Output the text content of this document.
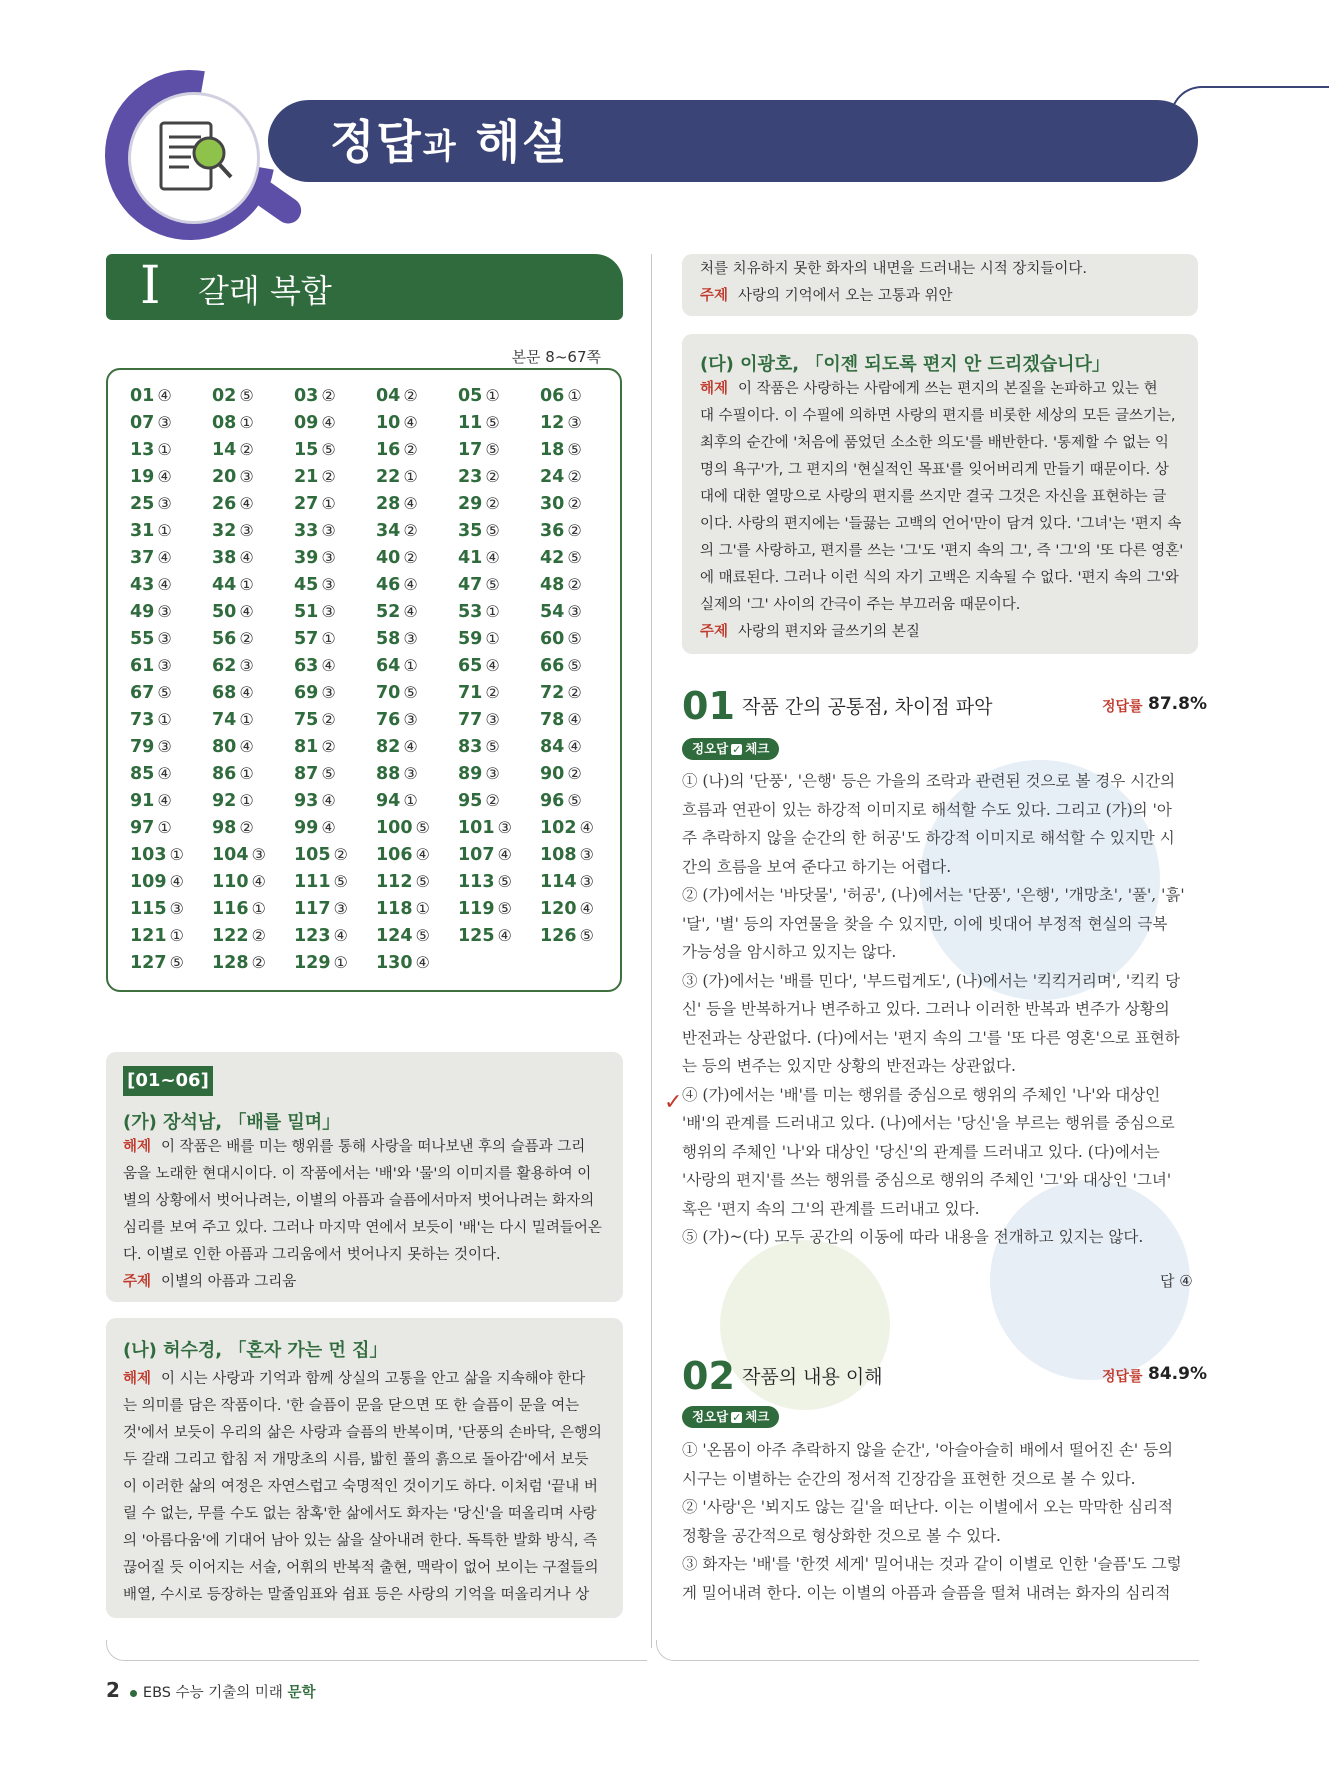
정답과 해설
I 갈래 복합
본문 8~67쪽
01 ④ 02 ⑤ 03 ② 04 ② 05 ① 06 ①
07 ③ 08 ① 09 ④ 10 ④ 11 ⑤ 12 ③
13 ① 14 ② 15 ⑤ 16 ② 17 ⑤ 18 ⑤
19 ④ 20 ③ 21 ② 22 ① 23 ② 24 ②
25 ③ 26 ④ 27 ① 28 ④ 29 ② 30 ②
31 ① 32 ③ 33 ③ 34 ② 35 ⑤ 36 ②
37 ④ 38 ④ 39 ③ 40 ② 41 ④ 42 ⑤
43 ④ 44 ① 45 ③ 46 ④ 47 ⑤ 48 ②
49 ③ 50 ④ 51 ③ 52 ④ 53 ① 54 ③
55 ③ 56 ② 57 ① 58 ③ 59 ① 60 ⑤
61 ③ 62 ③ 63 ④ 64 ① 65 ④ 66 ⑤
67 ⑤ 68 ④ 69 ③ 70 ⑤ 71 ② 72 ②
73 ① 74 ① 75 ② 76 ③ 77 ③ 78 ④
79 ③ 80 ④ 81 ② 82 ④ 83 ⑤ 84 ④
85 ④ 86 ① 87 ⑤ 88 ③ 89 ③ 90 ②
91 ④ 92 ① 93 ④ 94 ① 95 ② 96 ⑤
97 ① 98 ② 99 ④ 100 ⑤ 101 ③ 102 ④
103 ① 104 ③ 105 ② 106 ④ 107 ④ 108 ③
109 ④ 110 ④ 111 ⑤ 112 ⑤ 113 ⑤ 114 ③
115 ③ 116 ① 117 ③ 118 ① 119 ⑤ 120 ④
121 ① 122 ② 123 ④ 124 ⑤ 125 ④ 126 ⑤
127 ⑤ 128 ② 129 ① 130 ④
[01~06]
(가) 장석남, 「배를 밀며」
해제 이 작품은 배를 미는 행위를 통해 사랑을 떠나보낸 후의 슬픔과 그리
움을 노래한 현대시이다. 이 작품에서는 '배'와 '물'의 이미지를 활용하여 이
별의 상황에서 벗어나려는, 이별의 아픔과 슬픔에서마저 벗어나려는 화자의
심리를 보여 주고 있다. 그러나 마지막 연에서 보듯이 '배'는 다시 밀려들어온
다. 이별로 인한 아픔과 그리움에서 벗어나지 못하는 것이다.
주제 이별의 아픔과 그리움
(나) 허수경, 「혼자 가는 먼 집」
해제 이 시는 사랑과 기억과 함께 상실의 고통을 안고 삶을 지속해야 한다
는 의미를 담은 작품이다. '한 슬픔이 문을 닫으면 또 한 슬픔이 문을 여는
것'에서 보듯이 우리의 삶은 사랑과 슬픔의 반복이며, '단풍의 손바닥, 은행의
두 갈래 그리고 합침 저 개망초의 시름, 밟힌 풀의 흙으로 돌아감'에서 보듯
이 이러한 삶의 여정은 자연스럽고 숙명적인 것이기도 하다. 이처럼 '끝내 버
릴 수 없는, 무를 수도 없는 참혹'한 삶에서도 화자는 '당신'을 떠올리며 사랑
의 '아름다움'에 기대어 남아 있는 삶을 살아내려 한다. 독특한 발화 방식, 즉
끊어질 듯 이어지는 서술, 어휘의 반복적 출현, 맥락이 없어 보이는 구절들의
배열, 수시로 등장하는 말줄임표와 쉼표 등은 사랑의 기억을 떠올리거나 상
처를 치유하지 못한 화자의 내면을 드러내는 시적 장치들이다.
주제 사랑의 기억에서 오는 고통과 위안
(다) 이광호, 「이젠 되도록 편지 안 드리겠습니다」
해제 이 작품은 사랑하는 사람에게 쓰는 편지의 본질을 논파하고 있는 현
대 수필이다. 이 수필에 의하면 사랑의 편지를 비롯한 세상의 모든 글쓰기는,
최후의 순간에 '처음에 품었던 소소한 의도'를 배반한다. '통제할 수 없는 익
명의 욕구'가, 그 편지의 '현실적인 목표'를 잊어버리게 만들기 때문이다. 상
대에 대한 열망으로 사랑의 편지를 쓰지만 결국 그것은 자신을 표현하는 글
이다. 사랑의 편지에는 '들끓는 고백의 언어'만이 담겨 있다. '그녀'는 '편지 속
의 그'를 사랑하고, 편지를 쓰는 '그'도 '편지 속의 그', 즉 '그'의 '또 다른 영혼'
에 매료된다. 그러나 이런 식의 자기 고백은 지속될 수 없다. '편지 속의 그'와
실제의 '그' 사이의 간극이 주는 부끄러움 때문이다.
주제 사랑의 편지와 글쓰기의 본질
01 작품 간의 공통점, 차이점 파악	정답률 87.8%
정오답 ✓ 체크
✓
① (나)의 '단풍', '은행' 등은 가을의 조락과 관련된 것으로 볼 경우 시간의
흐름과 연관이 있는 하강적 이미지로 해석할 수도 있다. 그리고 (가)의 '아
주 추락하지 않을 순간의 한 허공'도 하강적 이미지로 해석할 수 있지만 시
간의 흐름을 보여 준다고 하기는 어렵다.
② (가)에서는 '바닷물', '허공', (나)에서는 '단풍', '은행', '개망초', '풀', '흙'
'달', '별' 등의 자연물을 찾을 수 있지만, 이에 빗대어 부정적 현실의 극복
가능성을 암시하고 있지는 않다.
③ (가)에서는 '배를 민다', '부드럽게도', (나)에서는 '킥킥거리며', '킥킥 당
신' 등을 반복하거나 변주하고 있다. 그러나 이러한 반복과 변주가 상황의
반전과는 상관없다. (다)에서는 '편지 속의 그'를 '또 다른 영혼'으로 표현하
는 등의 변주는 있지만 상황의 반전과는 상관없다.
④ (가)에서는 '배'를 미는 행위를 중심으로 행위의 주체인 '나'와 대상인
'배'의 관계를 드러내고 있다. (나)에서는 '당신'을 부르는 행위를 중심으로
행위의 주체인 '나'와 대상인 '당신'의 관계를 드러내고 있다. (다)에서는
'사랑의 편지'를 쓰는 행위를 중심으로 행위의 주체인 '그'와 대상인 '그녀'
혹은 '편지 속의 그'의 관계를 드러내고 있다.
⑤ (가)~(다) 모두 공간의 이동에 따라 내용을 전개하고 있지는 않다.
답 ④
02 작품의 내용 이해	정답률 84.9%
정오답 ✓ 체크
① '온몸이 아주 추락하지 않을 순간', '아슬아슬히 배에서 떨어진 손' 등의
시구는 이별하는 순간의 정서적 긴장감을 표현한 것으로 볼 수 있다.
② '사랑'은 '뵈지도 않는 길'을 떠난다. 이는 이별에서 오는 막막한 심리적
정황을 공간적으로 형상화한 것으로 볼 수 있다.
③ 화자는 '배'를 '한껏 세게' 밀어내는 것과 같이 이별로 인한 '슬픔'도 그렇
게 밀어내려 한다. 이는 이별의 아픔과 슬픔을 떨쳐 내려는 화자의 심리적
2 EBS 수능 기출의 미래 문학
